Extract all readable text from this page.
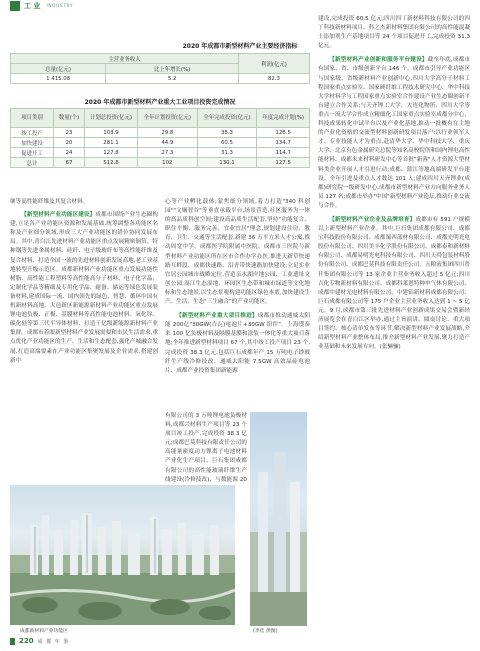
工 业 INDUSTRY
2020 年成都市新型材料产业主要经济指标
主营业务收入		利润(亿元)
总量(亿元)	比上年增长(%)	
1 415.08	5.2	82.3
2020 年成都市新型材料产业重大工业项目投资完成情况
项目类别	数量(个)	计划总投资(亿元)	全年计划投资(亿元)	全年完成投资(亿元)	年度完成计划(%)
竣工投产	23	103.9	29.8	38.3	128.5
加快建设	20	281.1	44.9	60.5	134.7
促进开工	24	127.8	27.3	31.3	114.7
总计	67	512.8	102	130.1	127.5

继等高性能纤维及其复合材料。

【新型材料产业功能区建设】成都市围绕产业生态圈构建,立足各产业功能区资源和发展基础,统筹调整各功能区名称及产业细分领域,形成三大产业功能区的错位协同发展布局。其中,青白江先进材料产业功能区重点发展精密铜箔、特种钢等先进金属材料、硅纤、电子级玻纤布等高性能纤维及复合材料、打造全国一流的先进材料创新发展高地,老工业基地转型升级示范区。成都新材料产业功能区重点发展功能性树脂、高性能工程塑料等高性能高分子材料、电子化学品、定制化学品等精细及专用化学品、耐备、储运等绿色发展装备材料,建成国际一流、国内领先的绿色、智慧、循环中国有机新材料高地。大邑新区新能源新材料产业功能区重点发展锂电池负极、正极、基膜材料等高性能电池材料、氧化锌、碳化硅等第三代半导体材料、打造千亿级新能源新材料产业集群。成都市着眼新型材料产业发展需要和市民生活需求,重点优化产业功能区的生产、生活和生态配套,强化产城融合发展,打造高端要素在产业功能区集聚发展及企业需求,搭建创新中

心等产业孵化载体;蒙焦细分领域,着力打造"340 科创园""文娴智谷"等垂直承载平台,场景营造,社区服务为一体的高品质科创空间;建设高品质生活配套,坚持"功能复合、职住平衡、服务完善、宜业宜居"理念,规划建设住房、教育、卫生、交通等生活配套,新建 36 万平方米人才公寓,推动周宽中学、成都医学院附属中医院、成都市三医院与新型材料产业功能区所在区市合作办学办医,推进天新草快速路互畔段、成都快速路、沿青带快速路加快建设;立足实业宜居公园城市战略定位,营造亲水湖岸地公园、工业遗址文创公园,湿江生态湿地、环园区生态带和城市绿道等文化地标和生态地景,以生态景观构建功能区绿色本底,加快建设生产、生活、生态"三生融合"的产业功能区。

【新型材料产业重大项目推进】成都市推动通威太阳能 200亿"30GW(吉瓦)电池片+30GW 组件"、上海璞泰来 100 亿负极材料及隔膜基膜和涂装一体化等重大项目落地;全年推进新型材料项目 67 个,其中竣工投产项目 23 个,完成投资 38.3 亿元,包括巨石成都年产 15 万吨电子纱玻纤生产线冷修技改、通威太阳能 7.5GW 高效晶硅电池片、成都产业投资集团新能源

有限公司的 3 万吨锂电池负极材料,成都兴材料生产项目等 23 个项目竣工投产,完成投资 38.3 亿元;成都巴莫科技有限责任公司的高能量密度动力锂离子电池材料产业化生产项目、巨石集团成都有限公司的高性能玻璃纤维生产线建设(冷修技改)、与数能源 20

建设,完成投资 60.5 亿元;四川四丁新材料科技有限公司的四丁科技新材料项目、科之杰新材料集团有限公司的高性能混凝土添加剂生产基地项目等 24 个项目促进开工,完成投资 31.3 亿元。

【新型材料产业创新和服务平台建设】截至年底,成都市有国家、省、市级创新平台 146 个。成都市引导产业功能区与国家级、省级新材料产业创新中心,四川大学高分子材料工程国家重点实验室、国家硬纤维工程技术研究中心、华中科技大学材料学与工程国家重点实验室合作建设产业生态圈创新平台建立合作关系;与天齐锂工大学、大连化物所、四川大学等重点一流大学合作成立精细化工国家重点实验室成都分中心、科技成果转化中试平台以及产业化基地,推动一批概有在主地的产业化资格的交流型材料创新研发项目落户;以行业领军人才、专业技能人才为重点,赴清华大学、华中科技大学、重庆大学、北京有色金属研究总院等知名高校院所和国内锂电高性能材料、成都未来材料研发中心等首批"新蓉"人才资源大型材料类企业开展人才引进行动;成都、蒲江等地高端研发平台建设。全年引进及重点人才数达 101 人;建成四川天齐锂业(成都)研究院一级研发中心,成都市新型材料产业方向服务业务人员 127 名;成都市举办"中国"新型材料产业论坛,推动行业交流与合作。

【新型材料产业企业及品牌培育】成都市有 591 户规模以上新型材料产业企业。其中,巨石集团成都有限公司、成都宝科技股份有限公司、成都蜀西部材有限公司、成都光明光电股份有限公司、四川美丰化学股份有限公司、成都泰和新材料有限公司、成都易明光电科技有限公司、四川天舜包装材料股份有限公司、成都巴莫科技有限责任公司、五粮液集团四川普什集团有限公司等 13 家企业主营业务收入超过 5 亿元;四川吉化专物新材料有限公司、成都科莱恩特种申气体有限公司、成都中建材光电材料有限公司、中建铝新材料成都有限公司、巨石成都有限公司等 175 户企业主营业务收入达到 1 ~ 5 亿元。9 月,成都市第三批先进材料产业创新成果交易会暨新经济展览会在青白江区举办,通过主旨演讲、圆桌讨论、重大项目签约、核心清单发布等环节,解决新型材料产业发展战略,介绍新型材料产业整体布局,推介新型材料产业发展,聚力打造产业基础和未来发展方向。(张骊骊)

成都新材料产业功能区	(李佳 供图)
220 成 都 年 鉴
